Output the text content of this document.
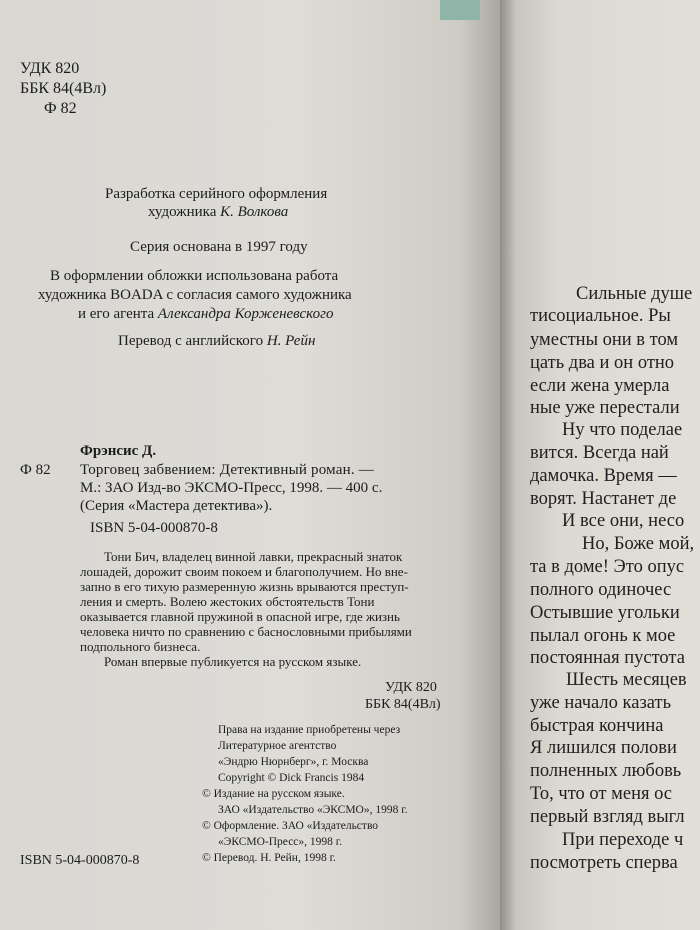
УДК 820
ББК 84(4Вл)
Ф 82
Разработка серийного оформления
художника К. Волкова
Серия основана в 1997 году
В оформлении обложки использована работа
художника BOADA с согласия самого художника
и его агента Александра Корженевского
Перевод с английского Н. Рейн
Фрэнсис Д.
Ф 82 Торговец забвением: Детективный роман. —
М.: ЗАО Изд-во ЭКСМО-Пресс, 1998. — 400 с.
(Серия «Мастера детектива»).
ISBN 5-04-000870-8
Тони Бич, владелец винной лавки, прекрасный знаток
лошадей, дорожит своим покоем и благополучием. Но вне-
запно в его тихую размеренную жизнь врываются преступ-
ления и смерть. Волею жестоких обстоятельств Тони
оказывается главной пружиной в опасной игре, где жизнь
человека ничто по сравнению с баснословными прибылями
подпольного бизнеса.
Роман впервые публикуется на русском языке.
УДК 820
ББК 84(4Вл)
Права на издание приобретены через
Литературное агентство
«Эндрю Нюрнберг», г. Москва
Copyright © Dick Francis 1984
© Издание на русском языке.
ЗАО «Издательство «ЭКСМО», 1998 г.
© Оформление. ЗАО «Издательство
«ЭКСМО-Пресс», 1998 г.
© Перевод. Н. Рейн, 1998 г.
ISBN 5-04-000870-8
Сильные душе
тисоциальное. Ры
уместны они в том
цать два и он отно
если жена умерла
ные уже перестали
Ну что поделае
вится. Всегда най
дамочка. Время —
ворят. Настанет де
И все они, несо
Но, Боже мой,
та в доме! Это опус
полного одиночес
Остывшие угольки
пылал огонь к мое
постоянная пустота
Шесть месяцев
уже начало казать
быстрая кончина
Я лишился полови
полненных любовь
То, что от меня ос
первый взгляд выгл
При переходе ч
посмотреть сперва
